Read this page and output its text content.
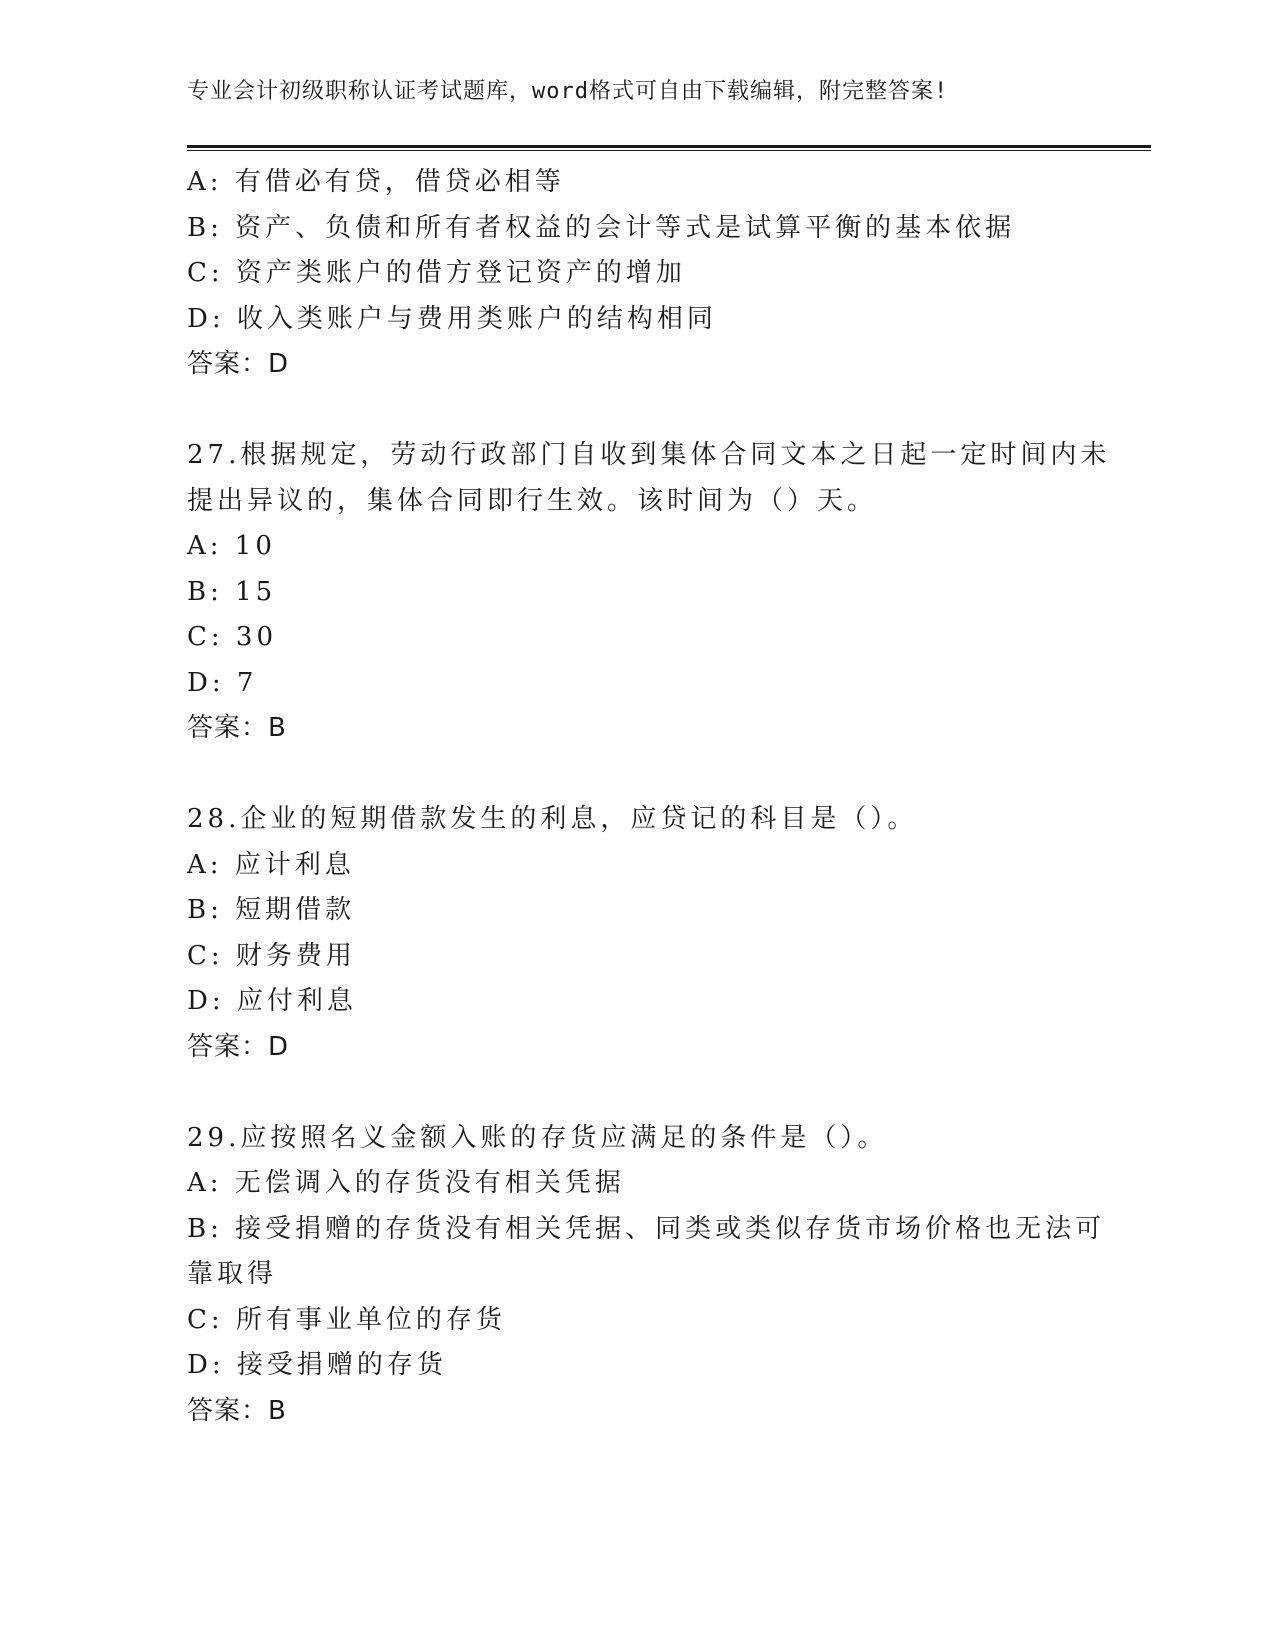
专业会计初级职称认证考试题库，word格式可自由下载编辑，附完整答案!
A: 有借必有贷，借贷必相等
B: 资产、负债和所有者权益的会计等式是试算平衡的基本依据
C: 资产类账户的借方登记资产的增加
D: 收入类账户与费用类账户的结构相同
答案：D
27.根据规定，劳动行政部门自收到集体合同文本之日起一定时间内未
提出异议的，集体合同即行生效。该时间为（）天。
A: 10
B: 15
C: 30
D: 7
答案：B
28.企业的短期借款发生的利息，应贷记的科目是（）。
A: 应计利息
B: 短期借款
C: 财务费用
D: 应付利息
答案：D
29.应按照名义金额入账的存货应满足的条件是（）。
A: 无偿调入的存货没有相关凭据
B: 接受捐赠的存货没有相关凭据、同类或类似存货市场价格也无法可
靠取得
C: 所有事业单位的存货
D: 接受捐赠的存货
答案：B
